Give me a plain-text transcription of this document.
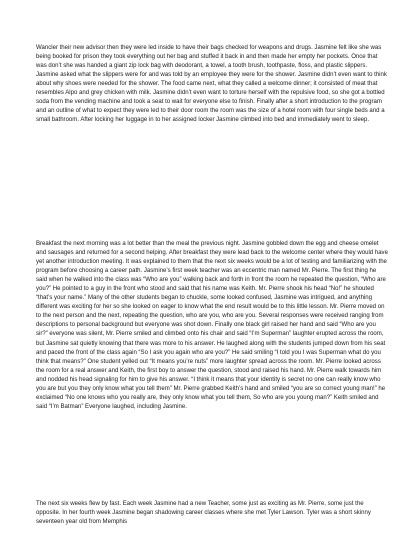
Wancler their new advisor then they were led inside to have their bags checked for weapons and drugs. Jasmine felt like she was being booked for prison they took everything out her bag and stuffed it back in and then made her empty her pockets. Once that was don’t she was handed a giant zip lock bag with deodorant, a towel, a tooth brush, toothpaste, floss, and plastic slippers. Jasmine asked what the slippers were for and was told by an employee they were for the shower. Jasmine didn’t even want to think about why shoes were needed for the shower. The food came next, what they called a welcome dinner; it consisted of meat that resembles Alpo and grey chicken with milk. Jasmine didn’t even want to torture herself with the repulsive food, so she got a bottled soda from the vending machine and took a seat to wait for everyone else to finish. Finally after a short introduction to the program and an outline of what to expect they were led to their door room the room was the size of a hotel room with four single beds and a small bathroom. After locking her luggage in to her assigned locker Jasmine climbed into bed and immediately went to sleep.

Breakfast the next morning was a lot better than the meal the previous night. Jasmine gobbled down the egg and cheese omelet and sausages and returned for a second helping. After breakfast they were lead back to the welcome center where they would have yet another introduction meeting. It was explained to them that the next six weeks would be a lot of testing and familiarizing with the program before choosing a career path. Jasmine’s first week teacher was an eccentric man named Mr. Pierre. The first thing he said when he walked into the class was “Who are you” walking back and forth in front the room he repeated the question, “Who are you?” He pointed to a guy in the front who stood and said that his name was Keith. Mr. Pierre shook his head “No!” he shouted “that’s your name.” Many of the other students began to chuckle, some looked confused, Jasmine was intrigued, and anything different was exciting for her so she looked on eager to know what the end result would be to this little lesson. Mr. Pierre moved on to the next person and the next, repeating the question, who are you, who are you. Several responses were received ranging from descriptions to personal background but everyone was shot down. Finally one black girl raised her hand and said “Who are you sir?” everyone was silent, Mr. Pierre smiled and climbed onto his chair and said “I’m Superman” laughter erupted across the room, but Jasmine sat quietly knowing that there was more to his answer. He laughed along with the students jumped down from his seat and paced the front of the class again “So I ask you again who are you?” He said smiling “I told you I was Superman what do you think that means?” One student yelled out “It means you’re nuts” more laughter spread across the room. Mr. Pierre looked across the room for a real answer and Keith, the first boy to answer the question, stood and raised his hand. Mr. Pierre walk towards him and nodded his head signaling for him to give his answer. “I think it means that your identity is secret no one can really know who you are but you they only know what you tell them” Mr. Pierre grabbed Keith’s hand and smiled “you are so correct young man!” he exclaimed “No one knows who you really are, they only know what you tell them, So who are you young man?” Keith smiled and said “I’m Batman” Everyone laughed, including Jasmine.

The next six weeks flew by fast. Each week Jasmine had a new Teacher, some just as exciting as Mr. Pierre, some just the opposite. In her fourth week Jasmine began shadowing career classes where she met Tyler Lawson. Tyler was a short skinny seventeen year old from Memphis
